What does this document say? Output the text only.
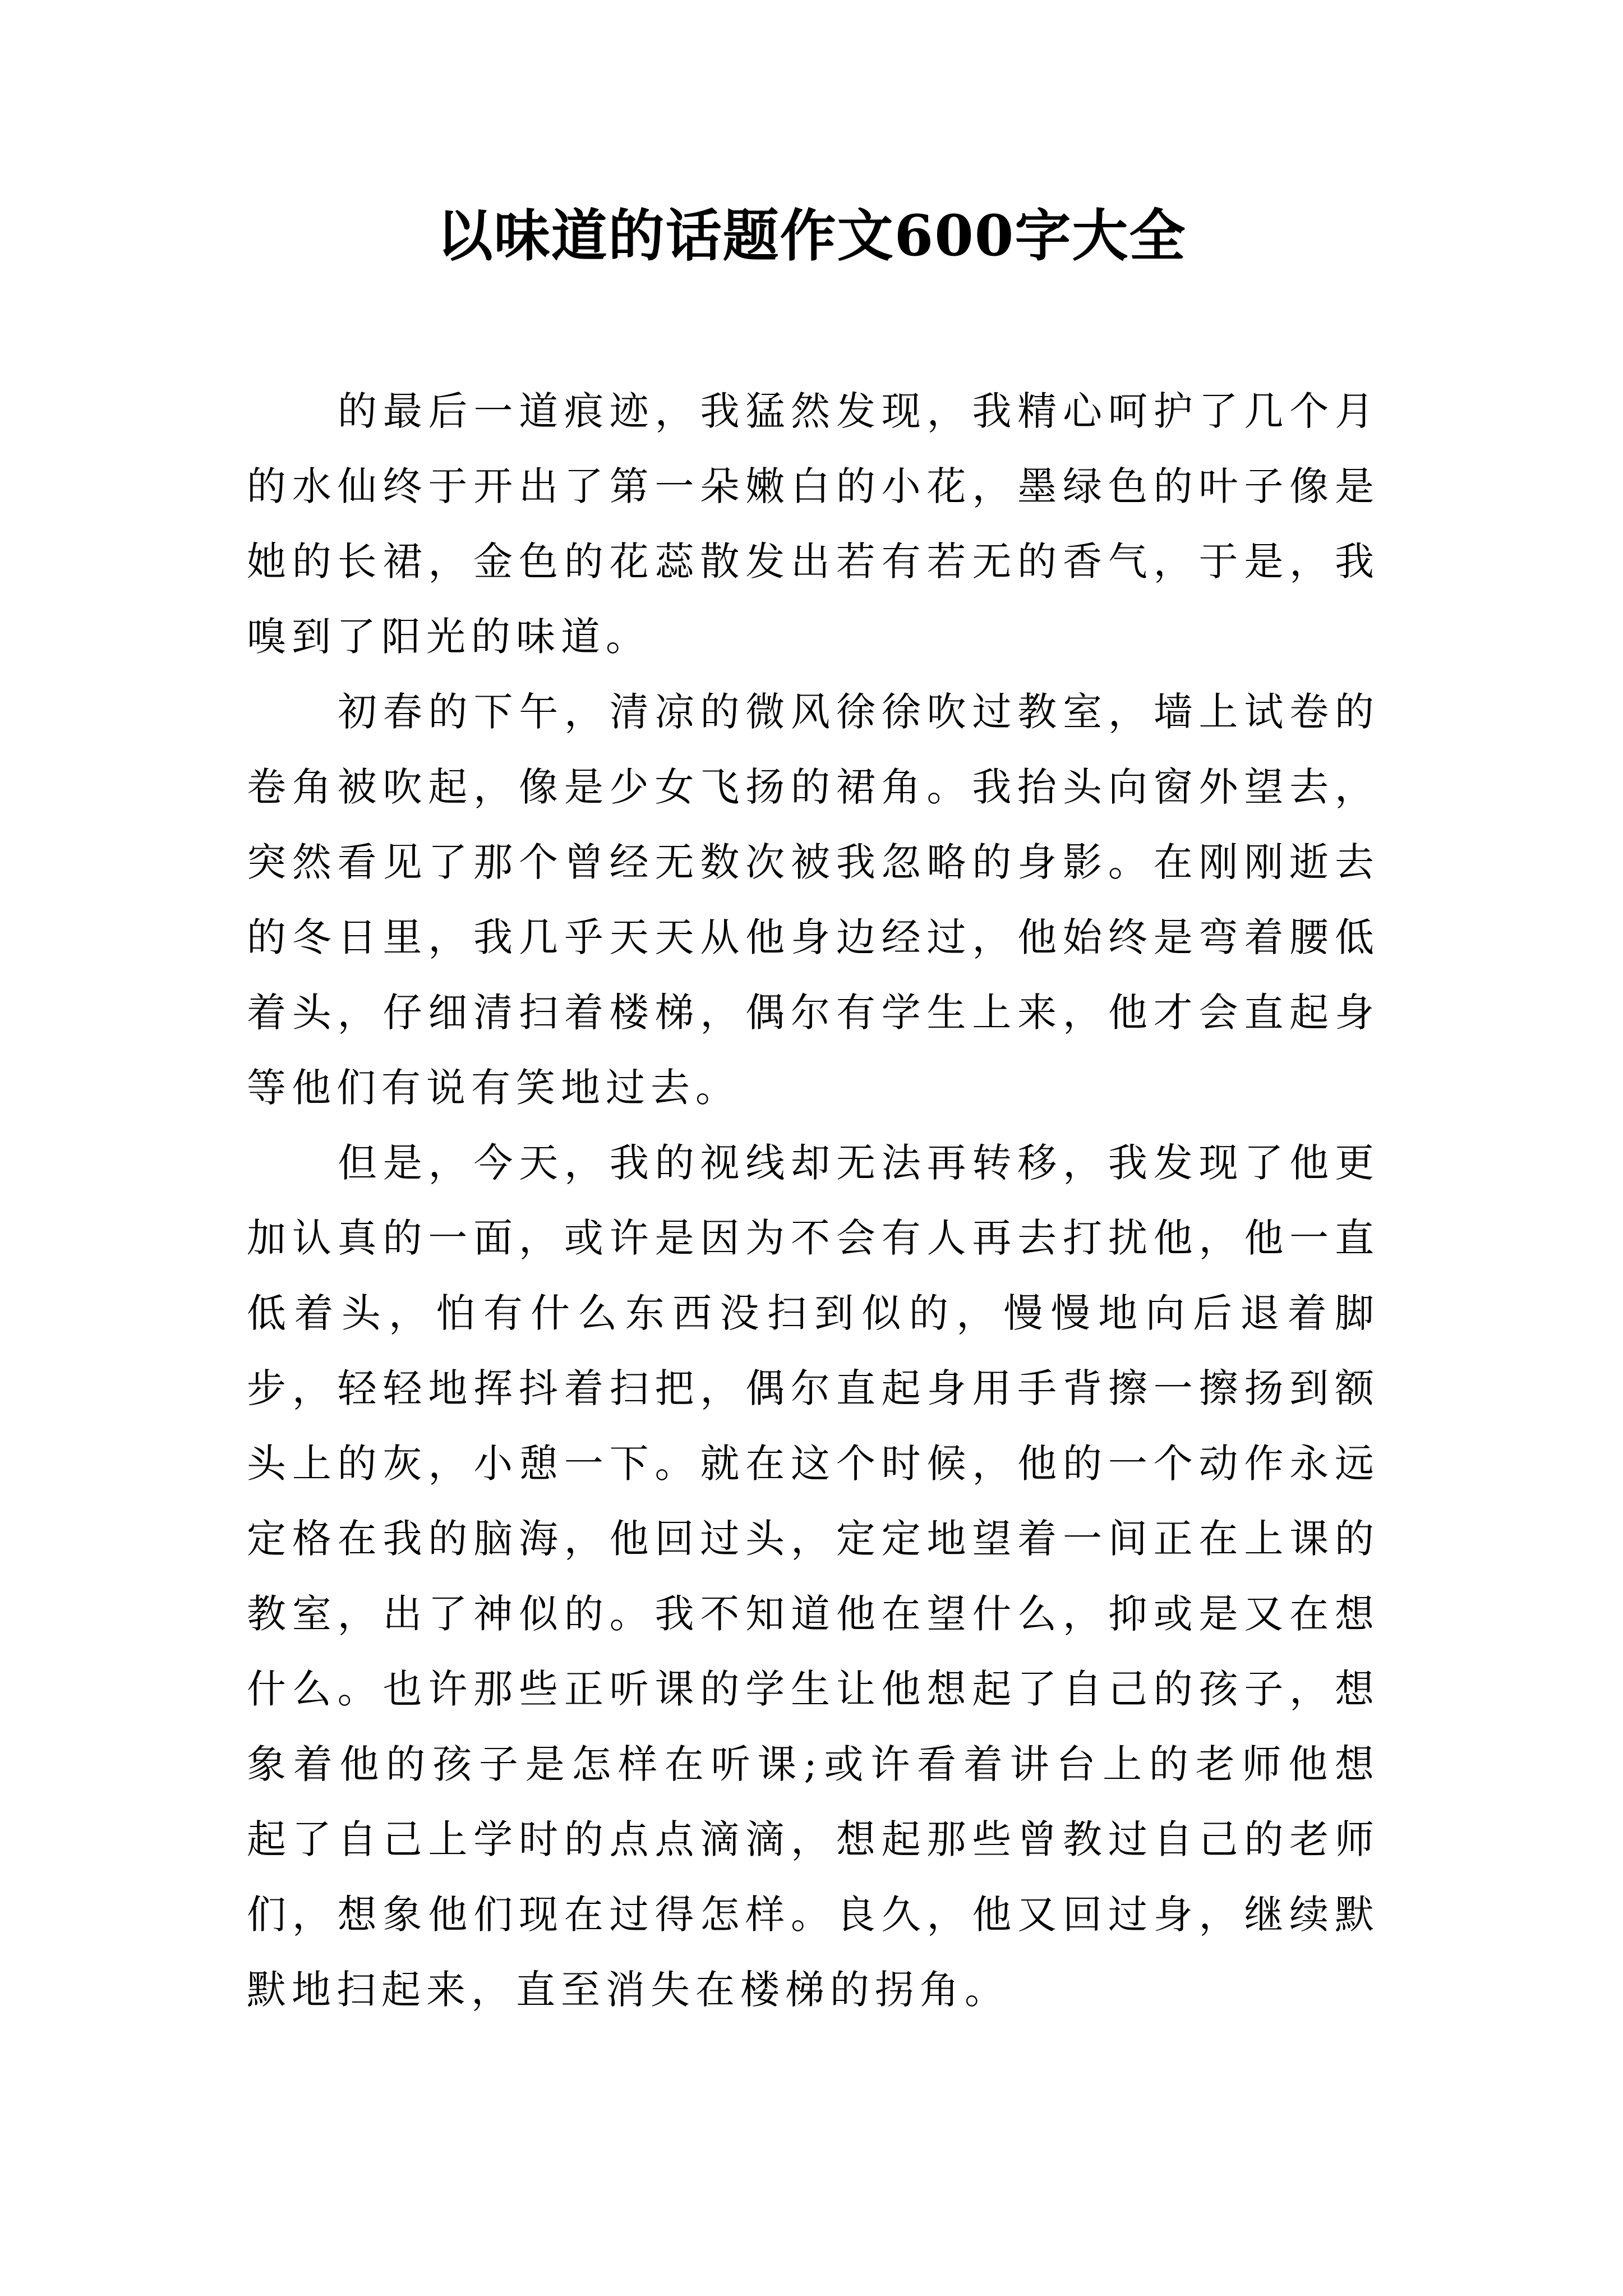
以味道的话题作文600字大全

的最后一道痕迹，我猛然发现，我精心呵护了几个月的水仙终于开出了第一朵嫩白的小花，墨绿色的叶子像是她的长裙，金色的花蕊散发出若有若无的香气，于是，我嗅到了阳光的味道。

初春的下午，清凉的微风徐徐吹过教室，墙上试卷的卷角被吹起，像是少女飞扬的裙角。我抬头向窗外望去，突然看见了那个曾经无数次被我忽略的身影。在刚刚逝去的冬日里，我几乎天天从他身边经过，他始终是弯着腰低着头，仔细清扫着楼梯，偶尔有学生上来，他才会直起身等他们有说有笑地过去。

但是，今天，我的视线却无法再转移，我发现了他更加认真的一面，或许是因为不会有人再去打扰他，他一直低着头，怕有什么东西没扫到似的，慢慢地向后退着脚步，轻轻地挥抖着扫把，偶尔直起身用手背擦一擦扬到额头上的灰，小憩一下。就在这个时候，他的一个动作永远定格在我的脑海，他回过头，定定地望着一间正在上课的教室，出了神似的。我不知道他在望什么，抑或是又在想什么。也许那些正听课的学生让他想起了自己的孩子，想象着他的孩子是怎样在听课;或许看着讲台上的老师他想起了自己上学时的点点滴滴，想起那些曾教过自己的老师们，想象他们现在过得怎样。良久，他又回过身，继续默默地扫起来，直至消失在楼梯的拐角。
